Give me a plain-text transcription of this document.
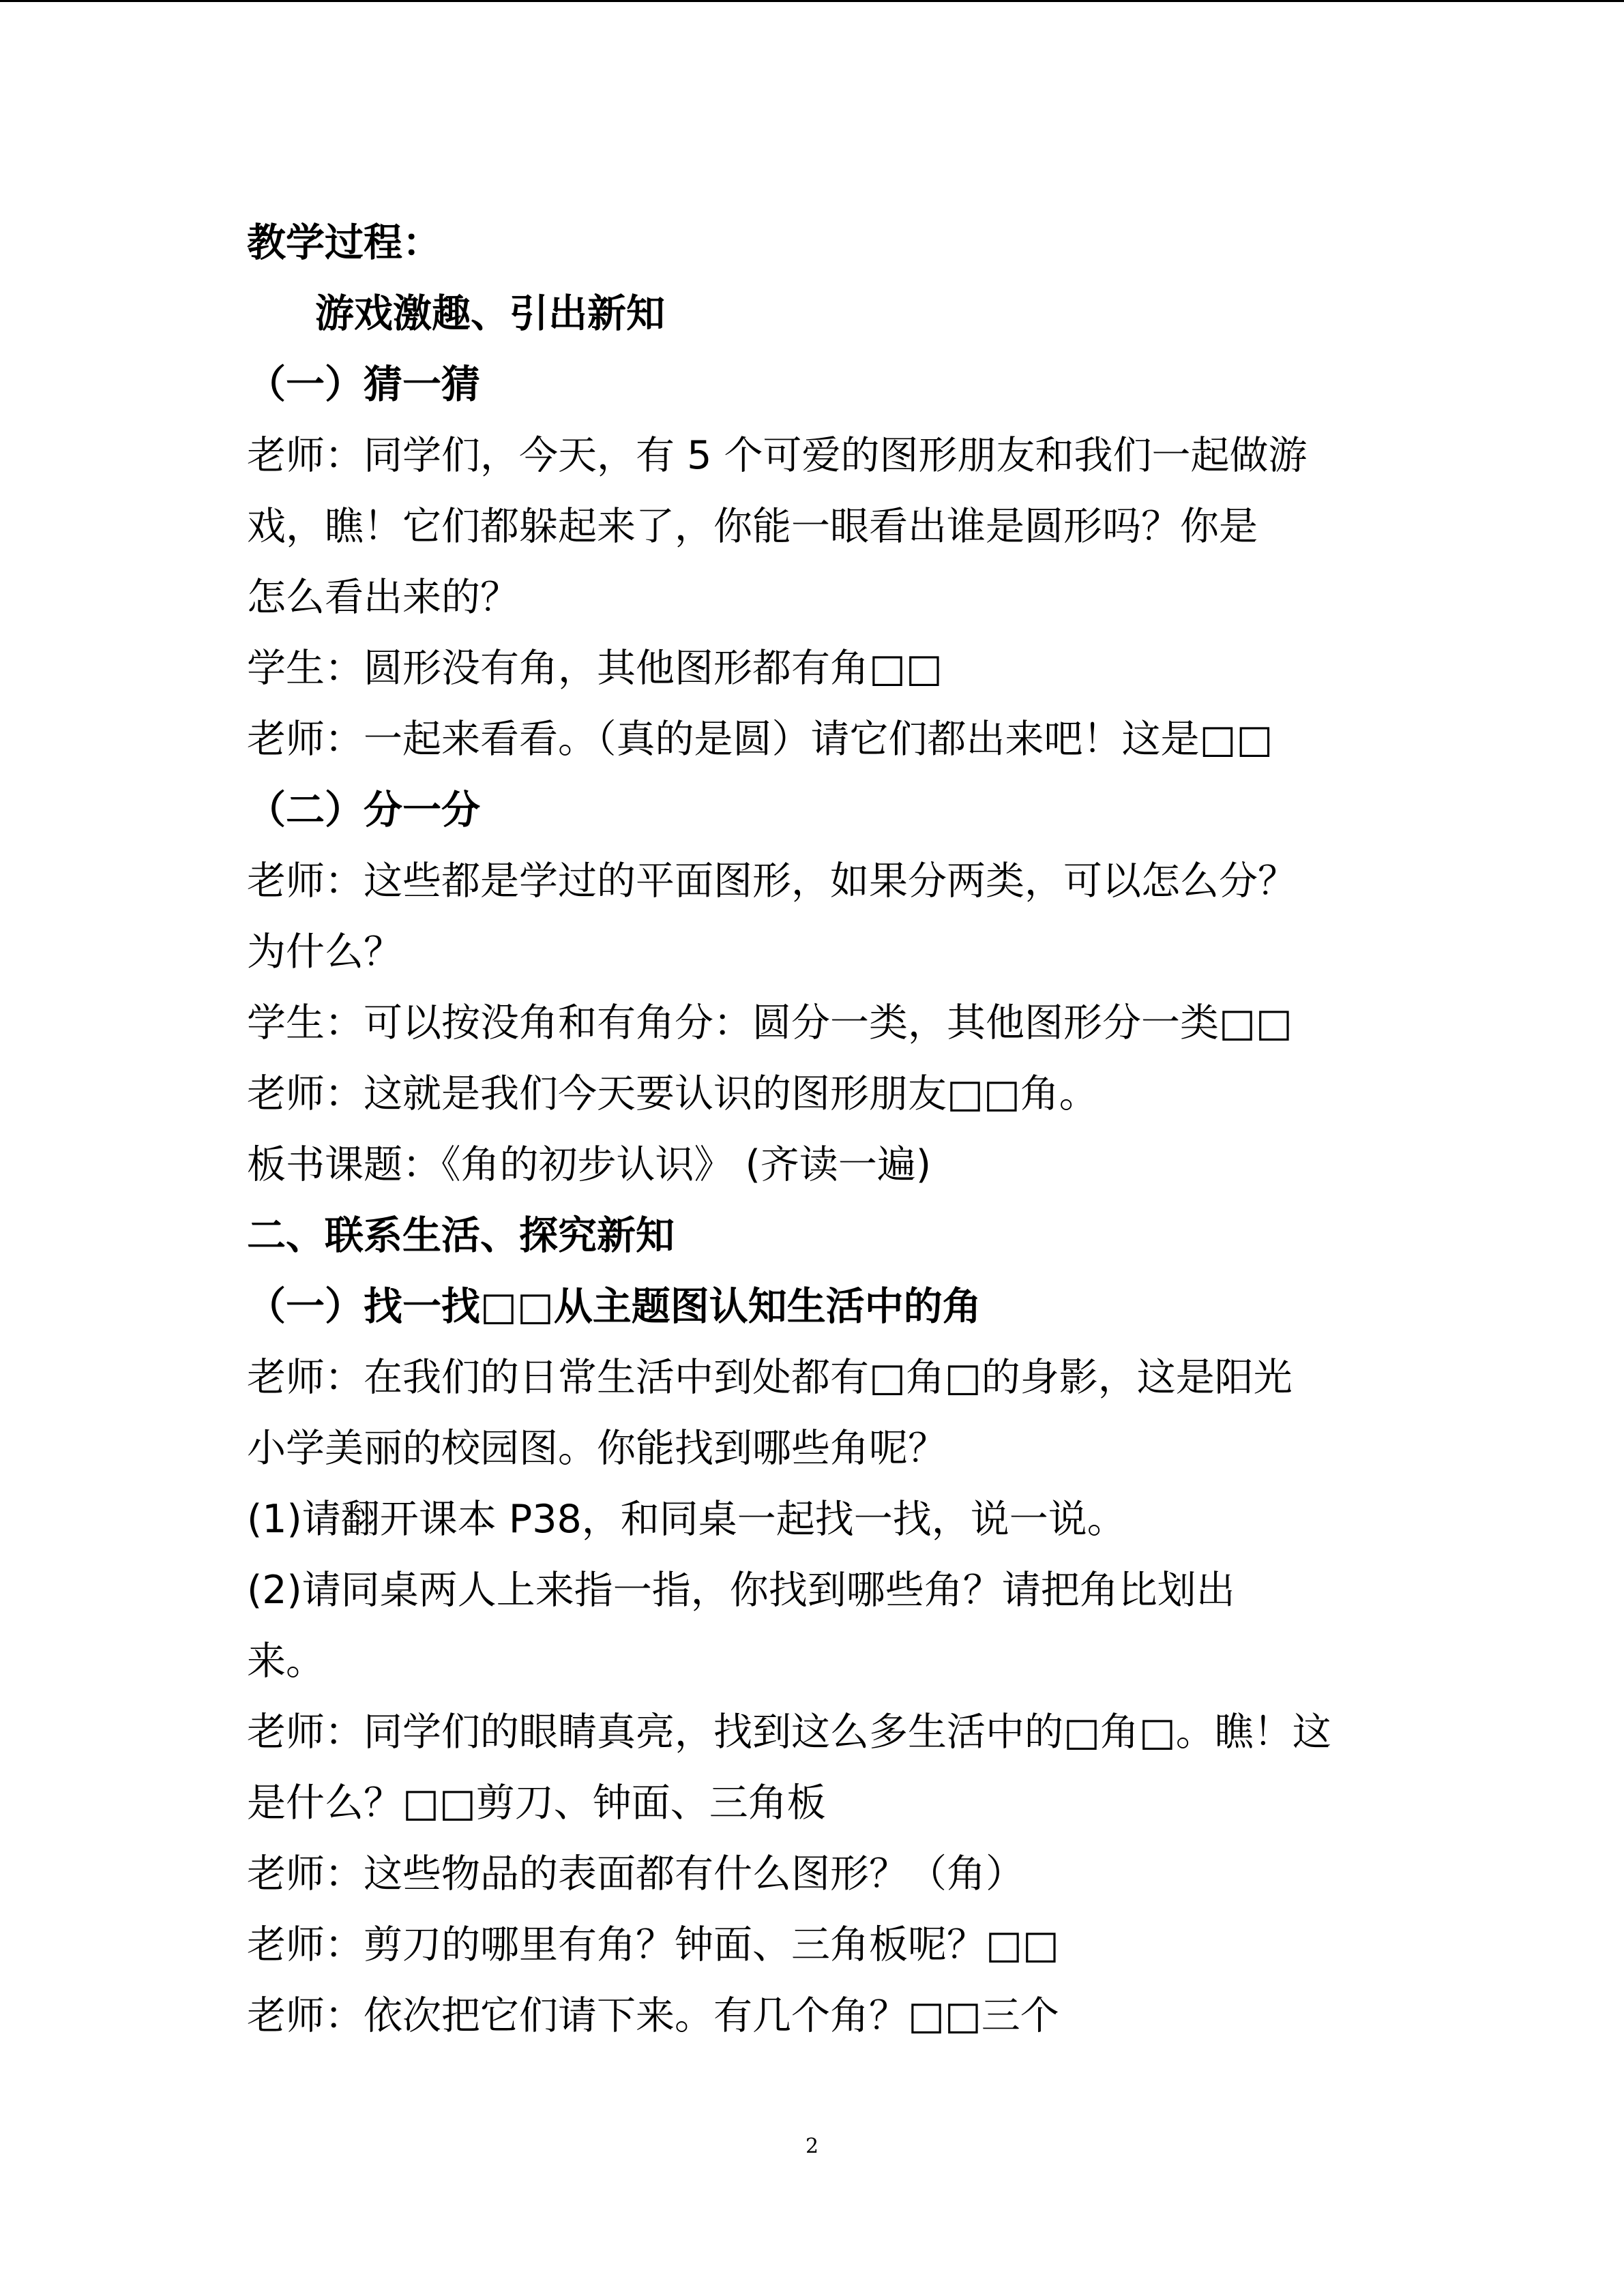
教学过程：
游戏激趣、引出新知
（一）猜一猜
老师：同学们，今天，有 5 个可爱的图形朋友和我们一起做游
戏，瞧！它们都躲起来了，你能一眼看出谁是圆形吗？你是
怎么看出来的？
学生：圆形没有角，其他图形都有角□□
老师：一起来看看。（真的是圆）请它们都出来吧！这是□□
（二）分一分
老师：这些都是学过的平面图形，如果分两类，可以怎么分？
为什么？
学生：可以按没角和有角分：圆分一类，其他图形分一类□□
老师：这就是我们今天要认识的图形朋友□□角。
板书课题：《角的初步认识》 (齐读一遍)
二、联系生活、探究新知
（一）找一找□□从主题图认知生活中的角
老师：在我们的日常生活中到处都有□角□的身影，这是阳光
小学美丽的校园图。你能找到哪些角呢？
(1)请翻开课本 P38，和同桌一起找一找，说一说。
(2)请同桌两人上来指一指，你找到哪些角？请把角比划出
来。
老师：同学们的眼睛真亮，找到这么多生活中的□角□。瞧！这
是什么？□□剪刀、钟面、三角板
老师：这些物品的表面都有什么图形？（角）
老师：剪刀的哪里有角？钟面、三角板呢？□□
老师：依次把它们请下来。有几个角？□□三个
2
